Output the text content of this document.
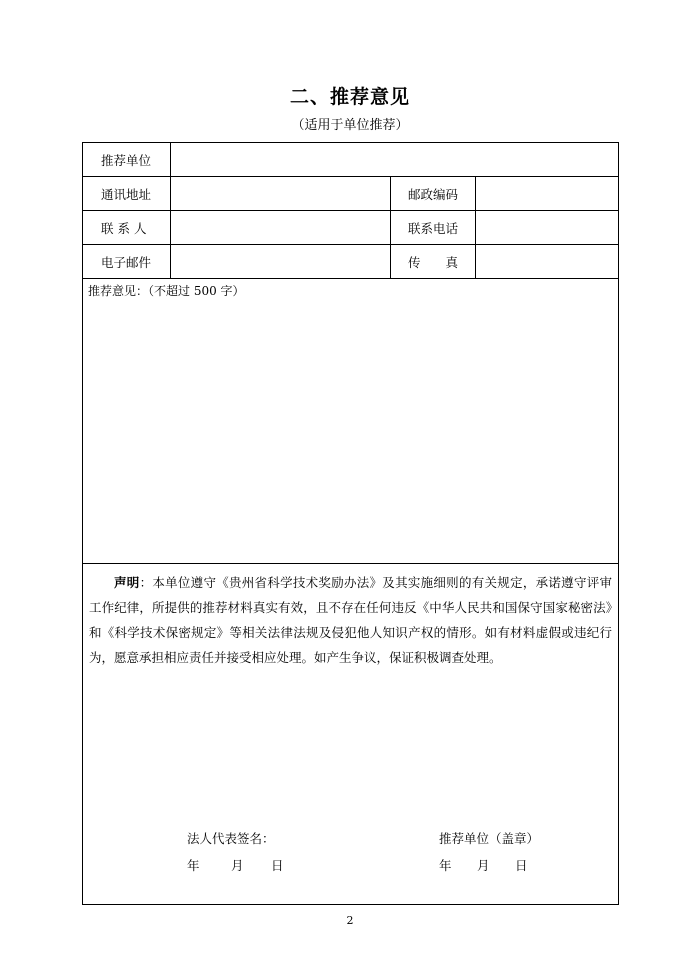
二、推荐意见
（适用于单位推荐）
推荐单位			
通讯地址		邮政编码	
联 系 人		联系电话	
电子邮件		传　　真	

推荐意见：（不超过 500 字）			

声明：本单位遵守《贵州省科学技术奖励办法》及其实施细则的有关规定，承诺遵守评审工作纪律，所提供的推荐材料真实有效，且不存在任何违反《中华人民共和国保守国家秘密法》和《科学技术保密规定》等相关法律法规及侵犯他人知识产权的情形。如有材料虚假或违纪行为，愿意承担相应责任并接受相应处理。如产生争议，保证积极调查处理。
法人代表签名： 推荐单位（盖章）
年 月 日 年 月 日			
2
